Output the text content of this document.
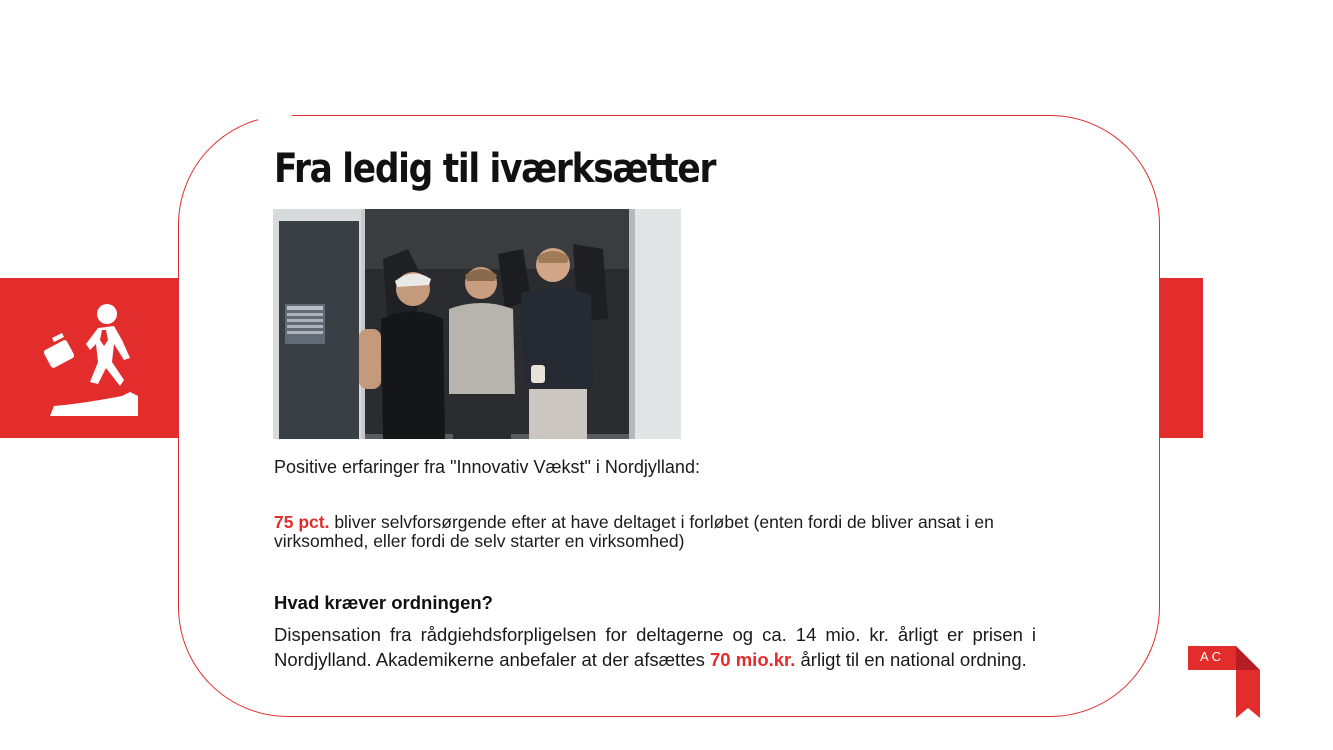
Fra ledig til iværksætter
Positive erfaringer fra "Innovativ Vækst" i Nordjylland:
75 pct. bliver selvforsørgende efter at have deltaget i forløbet (enten fordi de bliver ansat i en virksomhed, eller fordi de selv starter en virksomhed)
Hvad kræver ordningen?
Dispensation fra rådgiehdsforpligelsen for deltagerne og ca. 14 mio. kr. årligt er prisen i Nordjylland. Akademikerne anbefaler at der afsættes 70 mio.kr. årligt til en national ordning.	AC
